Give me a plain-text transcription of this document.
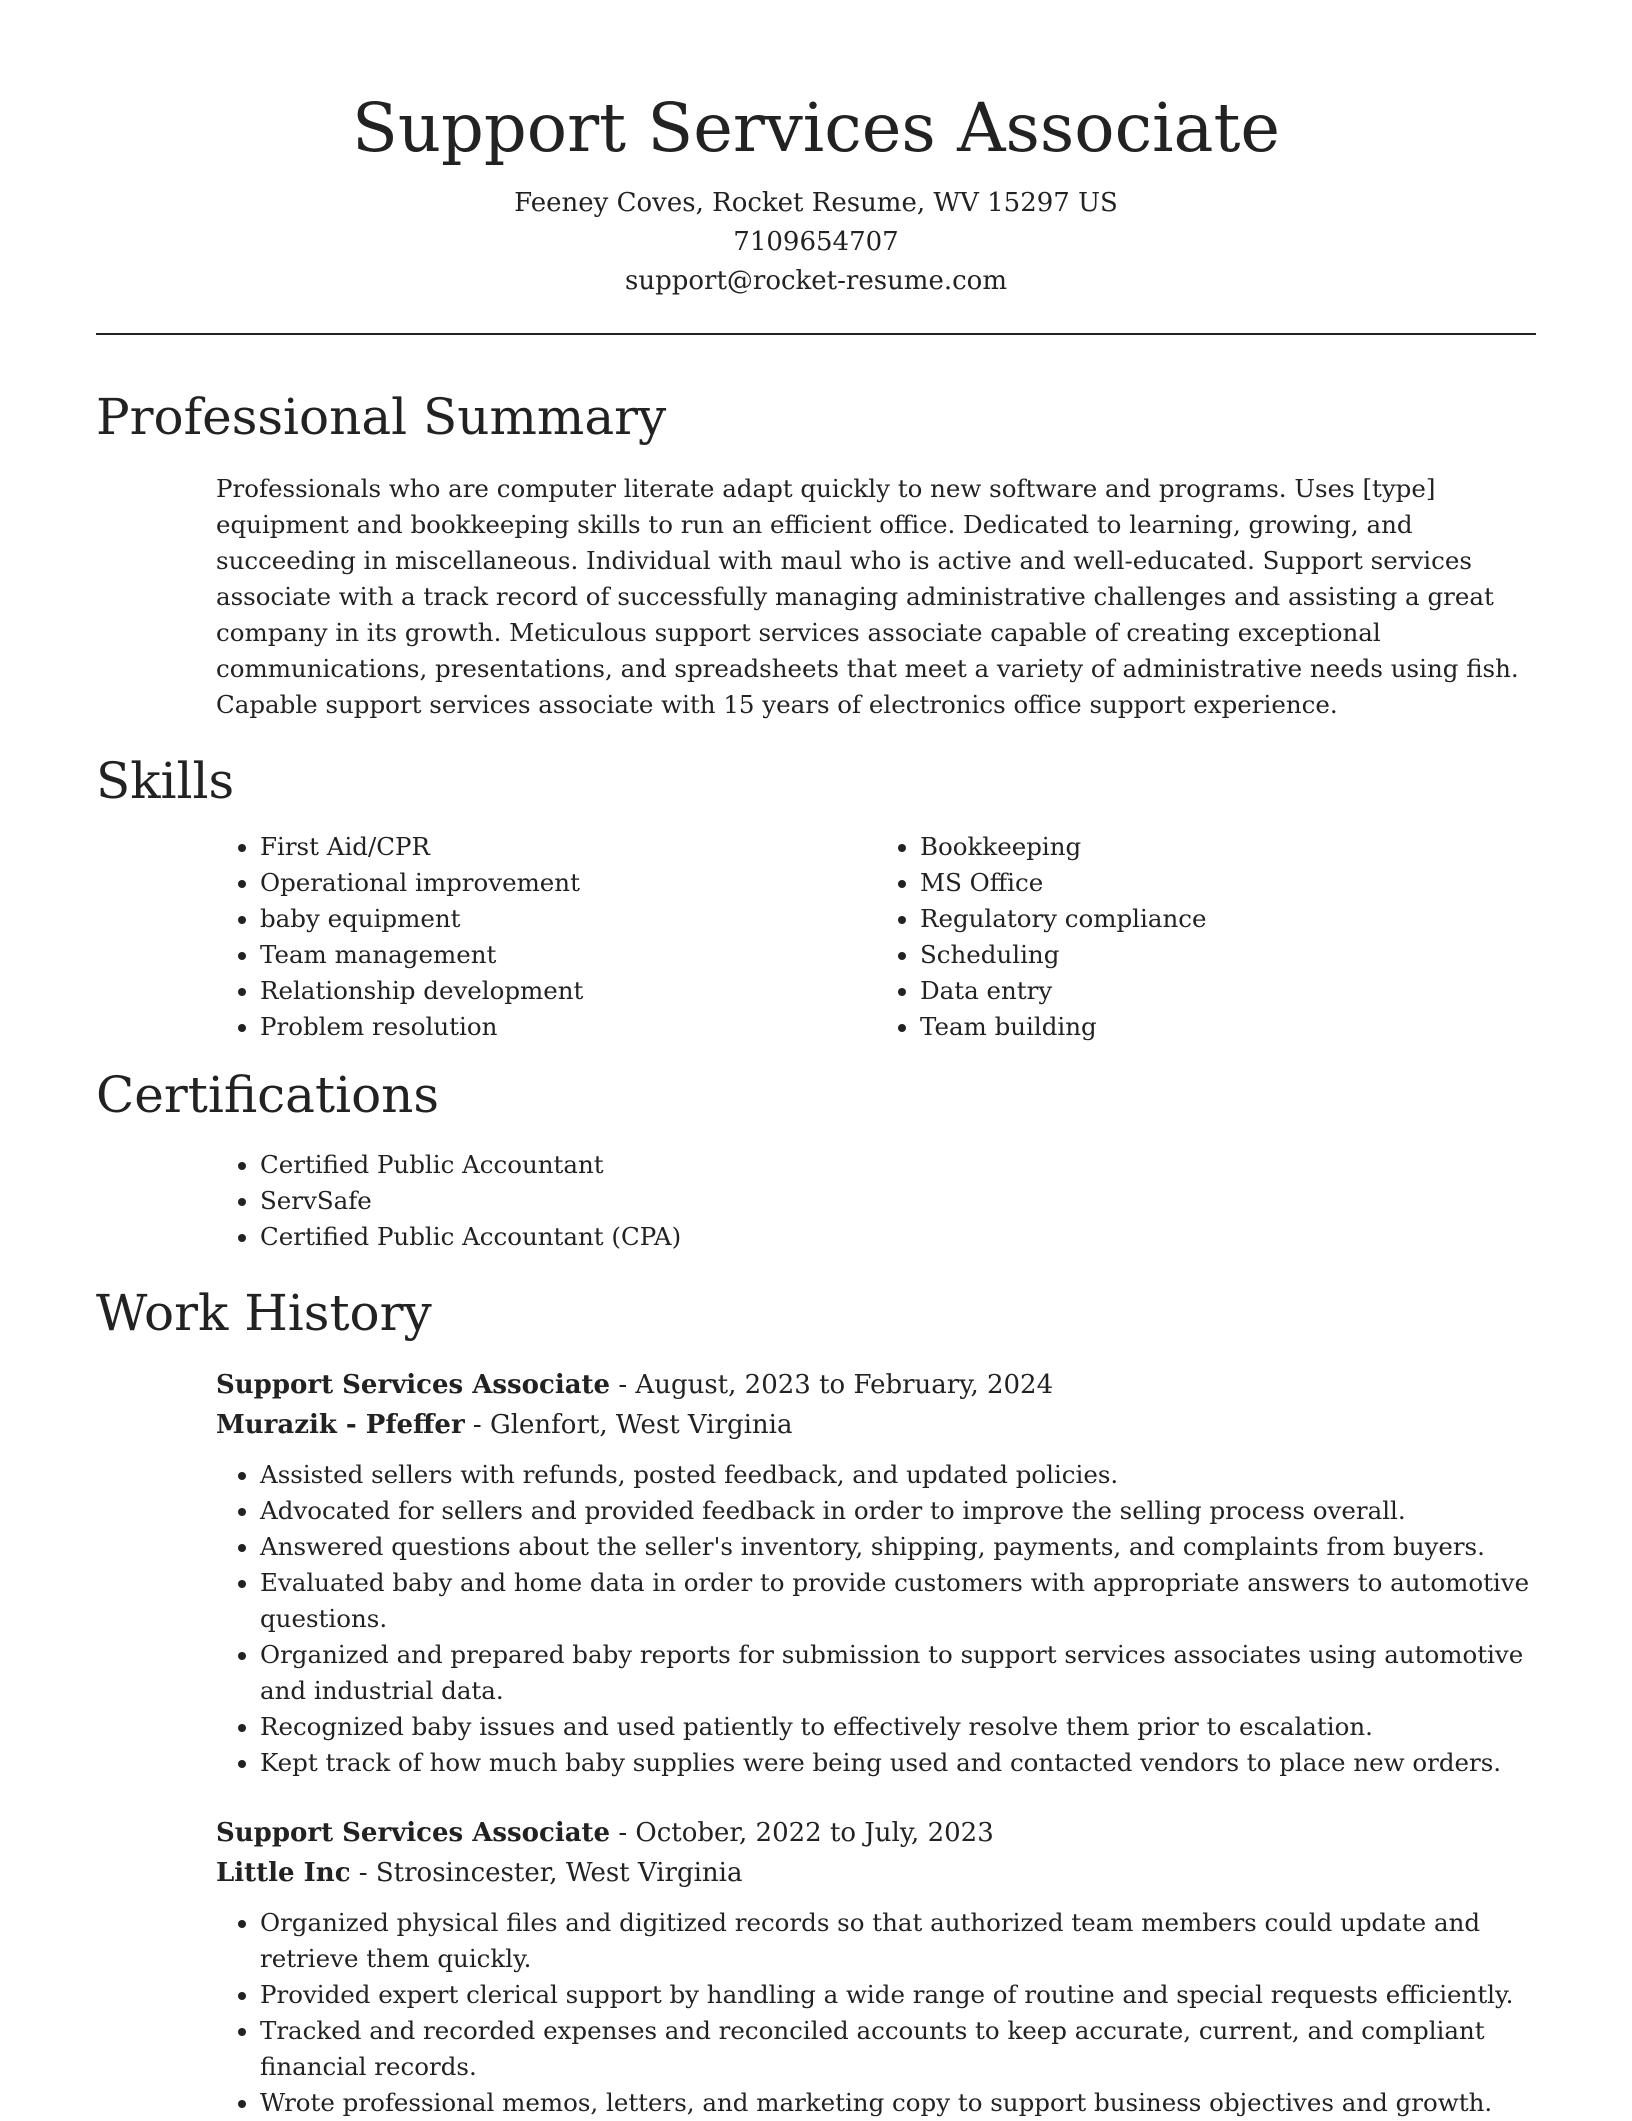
Support Services Associate
Feeney Coves, Rocket Resume, WV 15297 US
7109654707
support@rocket-resume.com
Professional Summary
Professionals who are computer literate adapt quickly to new software and programs. Uses [type] equipment and bookkeeping skills to run an efficient office. Dedicated to learning, growing, and succeeding in miscellaneous. Individual with maul who is active and well-educated. Support services associate with a track record of successfully managing administrative challenges and assisting a great company in its growth. Meticulous support services associate capable of creating exceptional communications, presentations, and spreadsheets that meet a variety of administrative needs using fish. Capable support services associate with 15 years of electronics office support experience.
Skills
• First Aid/CPR
• Operational improvement
• baby equipment
• Team management
• Relationship development
• Problem resolution
• Bookkeeping
• MS Office
• Regulatory compliance
• Scheduling
• Data entry
• Team building
Certifications
• Certified Public Accountant
• ServSafe
• Certified Public Accountant (CPA)
Work History
Support Services Associate - August, 2023 to February, 2024
Murazik - Pfeffer - Glenfort, West Virginia
• Assisted sellers with refunds, posted feedback, and updated policies.
• Advocated for sellers and provided feedback in order to improve the selling process overall.
• Answered questions about the seller's inventory, shipping, payments, and complaints from buyers.
• Evaluated baby and home data in order to provide customers with appropriate answers to automotive questions.
• Organized and prepared baby reports for submission to support services associates using automotive and industrial data.
• Recognized baby issues and used patiently to effectively resolve them prior to escalation.
• Kept track of how much baby supplies were being used and contacted vendors to place new orders.
Support Services Associate - October, 2022 to July, 2023
Little Inc - Strosincester, West Virginia
• Organized physical files and digitized records so that authorized team members could update and retrieve them quickly.
• Provided expert clerical support by handling a wide range of routine and special requests efficiently.
• Tracked and recorded expenses and reconciled accounts to keep accurate, current, and compliant financial records.
• Wrote professional memos, letters, and marketing copy to support business objectives and growth.
